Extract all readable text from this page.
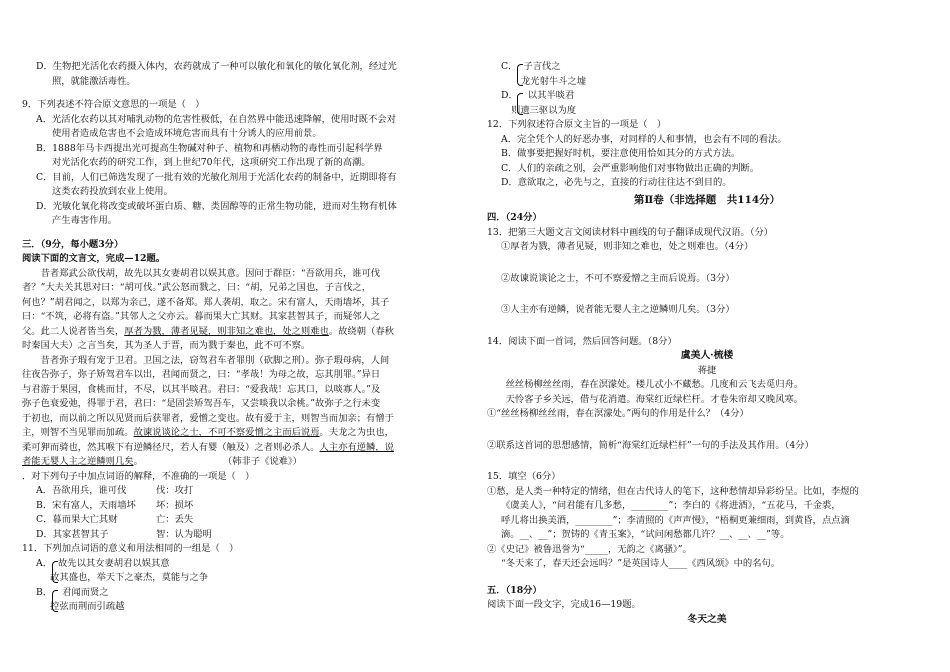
D．生物把光活化农药摄入体内，农药就成了一种可以敏化和氧化的敏化氧化剂，经过光
照，就能激活毒性。
9．下列表述不符合原文意思的一项是（　）
A．光活化农药以其对哺乳动物的危害性极低，在自然界中能迅速降解，使用时既不会对
使用者造成危害也不会造成环境危害而具有十分诱人的应用前景。
B．1888年马卡西提出光可提高生物碱对种子、植物和再栖动物的毒性而引起科学界
对光活化农药的研究工作，到上世纪70年代，这项研究工作出现了新的高潮。
C．目前，人们已筛选发现了一批有效的光敏化剂用于光活化农药的制备中，近期即将有
这类农药投放到农业上使用。
D．光敏化氧化将改变或破坏蛋白质、糖、类固醇等的正常生物功能，进而对生物有机体
产生毒害作用。
三．（9分，每小题3分）
阅读下面的文言文，完成—12题。
昔者郑武公欲伐胡，故先以其女妻胡君以娱其意。因问于群臣：“吾欲用兵，谁可伐
者？”大夫关其思对曰：“胡可伐。”武公怒而戮之，曰：“胡，兄弟之国也，子言伐之，
何也？”胡君闻之，以郑为亲己，遂不备郑。郑人袭胡，取之。宋有富人，天雨墙坏，其子
曰：“不筑，必将有盗。”其邻人之父亦云。暮而果大亡其财。其家甚智其子，而疑邻人之
父。此二人说者皆当矣，厚者为戮，薄者见疑，则非知之难也，处之则难也。故绕朝（春秋
时秦国大夫）之言当矣，其为圣人于晋，而为戮于秦也，此不可不察。
昔者弥子瑕有宠于卫君。卫国之法，窃驾君车者罪刖（砍脚之刑）。弥子瑕母病，人间
往夜告弥子，弥子矫驾君车以出，君闻而贤之，曰：“孝哉！为母之故，忘其刖罪。”异日
与君游于果园，食桃而甘，不尽，以其半啖君。君曰：“爱我哉！忘其口，以啖寡人。”及
弥子色衰爱弛，得罪于君，君曰：“是固尝矫驾吾车，又尝啖我以余桃。”故弥子之行未变
于初也，而以前之所以见贤而后获罪者，爱憎之变也。故有爱于主，则智当而加亲；有憎于
主，则智不当见罪而加疏。故谏说谈论之士，不可不察爱憎之主而后说焉。夫龙之为虫也，
柔可狎而骑也，然其喉下有逆鳞径尺，若人有婴（触及）之者则必杀人。人主亦有逆鳞，说
者能无婴人主之逆鳞则几矣。	（韩非子《说难》）
．对下列句子中加点词语的解释，不准确的一项是（　）
A．吾欲用兵，谁可伐	伐：攻打
B．宋有富人，天雨墙坏 坏：损坏
C．暮而果大亡其财	亡：丢失
D．其家甚智其子	智：认为聪明
11．下列加点词语的意义和用法相同的一组是（　）
A． 故先以其女妻胡君以娱其意
故其盛也，举天下之豪杰，莫能与之争
B． 君闻而贤之
控弦而荆而引疏越
C． 子言伐之
龙光射牛斗之墟
D． 以其半啖君
则遗三驱以为度
12．下列叙述符合原文主旨的一项是（　）
A．完全凭个人的好恶办事，对同样的人和事情，也会有不同的看法。
B．做事要把握好时机，要注意使用恰如其分的方式方法。
C．人们的亲疏之别，会严重影响他们对事物做出正确的判断。
D．意欲取之，必先与之，直接的行动往往达不到目的。
第Ⅱ卷（非选择题　共114分）
四．（24分）
13．把第三大题文言文阅读材料中画线的句子翻译成现代汉语。（分）
①厚者为戮，薄者见疑，则非知之难也，处之则难也。（4分）
②故谏说谈论之士，不可不察爱憎之主而后说焉。（3分）
③人主亦有逆鳞，说者能无婴人主之逆鳞则几矣。（3分）
14．阅读下面一首词，然后回答问题。（8分）
虞美人·梳楼
蒋捷
丝丝杨柳丝丝雨，春在溟濛处。楼儿忒小不藏愁。几度和云飞去觅归舟。
天怜客子乡关远，借与花消遣。海棠红近绿栏杆。才卷朱帘却又晚风寒。
①“丝丝杨柳丝丝雨，春在溟濛处。”两句的作用是什么？（4分）
②联系这首词的思想感情，简析“海棠红近绿栏杆”一句的手法及其作用。（4分）
15．填空（6分）
①愁，是人类一种特定的情绪，但在古代诗人的笔下，这种愁情却异彩纷呈。比如，李煜的
《虞美人》，“问君能有几多愁，________”；李白的《将进酒》，“五花马，千金裘，
呼儿将出换美酒，________”；李清照的《声声慢》，“梧桐更兼细雨，到黄昏，点点滴
滴。__、__”；贺铸的《青玉案》，“试问闲愁都几许？__、__、__”等。
②《史记》被鲁迅誉为“_____，无韵之《离骚》”。
“冬天来了，春天还会远吗？”是英国诗人____《西风颂》中的名句。
五．（18分）
阅读下面一段文字，完成16—19题。
冬天之美
